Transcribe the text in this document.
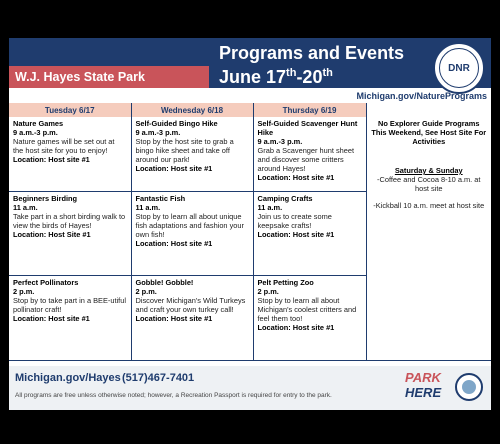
Programs and Events
June 17th-20th	DNR
W.J. Hayes State Park
Michigan.gov/NaturePrograms
Tuesday 6/17	Wednesday 6/18	Thursday 6/19	

Nature Games
9 a.m.-3 p.m.
Nature games will be set out at the host site for you to enjoy!
Location: Host site #1	Self-Guided Bingo Hike
9 a.m.-3 p.m.
Stop by the host site to grab a bingo hike sheet and take off around our park!
Location: Host site #1	Self-Guided Scavenger Hunt Hike
9 a.m.-3 p.m.
Grab a Scavenger hunt sheet and discover some critters around Hayes!
Location: Host site #1	No Explorer Guide Programs This Weekend, See Host Site For Activities
Saturday & Sunday
-Coffee and Cocoa 8-10 a.m. at host site
-Kickball 10 a.m. meet at host site

Beginners Birding
11 a.m.
Take part in a short birding walk to view the birds of Hayes!
Location: Host Site #1	Fantastic Fish
11 a.m.
Stop by to learn all about unique fish adaptations and fashion your own fish!
Location: Host site #1	Camping Crafts
11 a.m.
Join us to create some keepsake crafts!
Location: Host site #1	

Perfect Pollinators
2 p.m.
Stop by to take part in a BEE-utiful pollinator craft!
Location: Host site #1	Gobble! Gobble!
2 p.m.
Discover Michigan's Wild Turkeys and craft your own turkey call!
Location: Host site #1	Pelt Petting Zoo
2 p.m.
Stop by to learn all about Michigan's coolest critters and feel them too!
Location: Host site #1	
Michigan.gov/Hayes (517)467-7401
All programs are free unless otherwise noted; however, a Recreation Passport is required for entry to the park.
PARK
HERE
